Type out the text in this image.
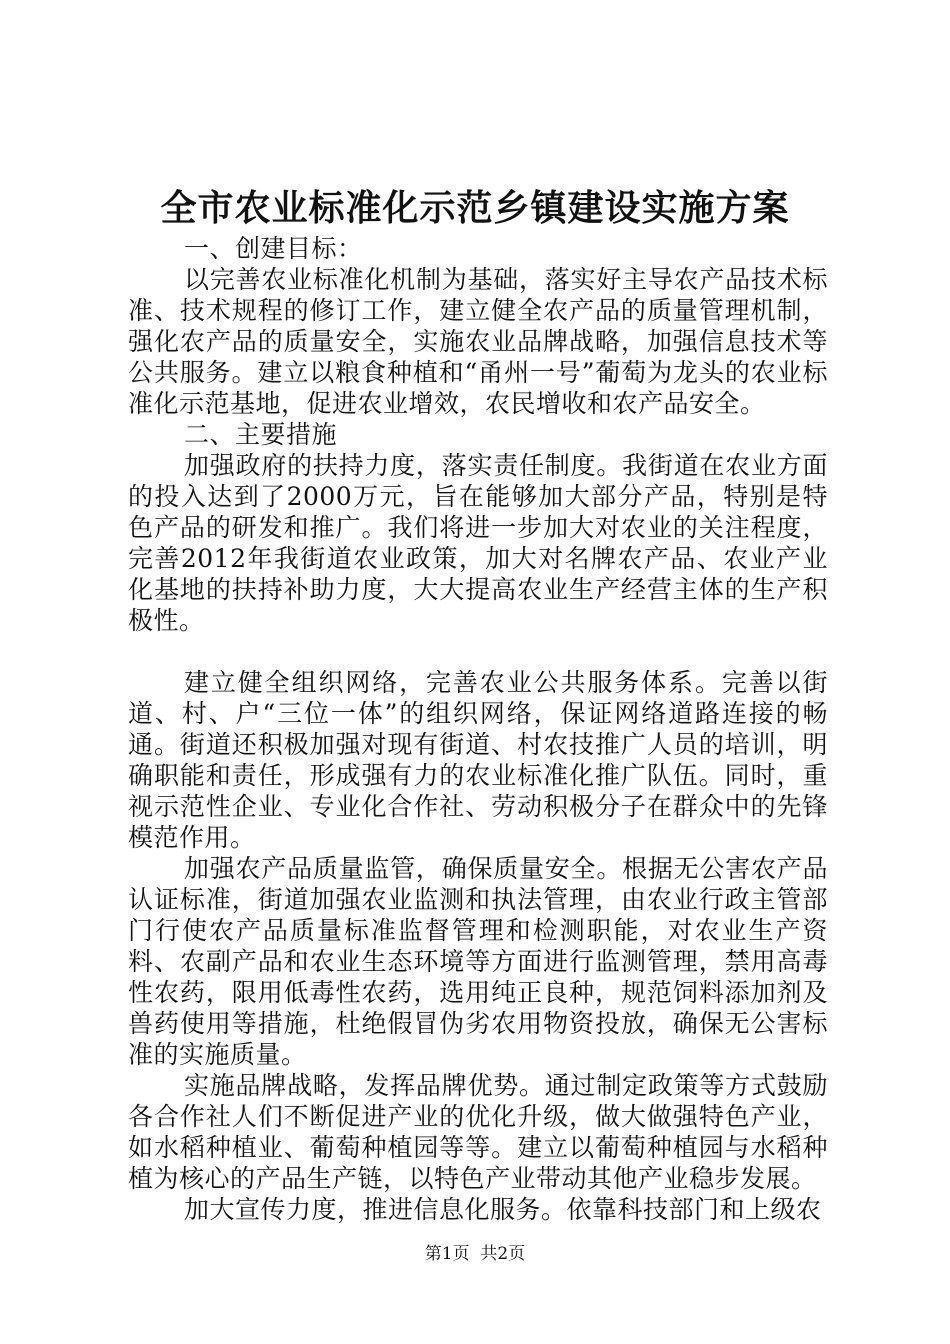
全市农业标准化示范乡镇建设实施方案

一、创建目标：

以完善农业标准化机制为基础，落实好主导农产品技术标准、技术规程的修订工作，建立健全农产品的质量管理机制，强化农产品的质量安全，实施农业品牌战略，加强信息技术等公共服务。建立以粮食种植和“甬州一号”葡萄为龙头的农业标准化示范基地，促进农业增效，农民增收和农产品安全。

二、主要措施

加强政府的扶持力度，落实责任制度。我街道在农业方面的投入达到了2000万元，旨在能够加大部分产品，特别是特色产品的研发和推广。我们将进一步加大对农业的关注程度，完善2012年我街道农业政策，加大对名牌农产品、农业产业化基地的扶持补助力度，大大提高农业生产经营主体的生产积极性。

建立健全组织网络，完善农业公共服务体系。完善以街道、村、户“三位一体”的组织网络，保证网络道路连接的畅通。街道还积极加强对现有街道、村农技推广人员的培训，明确职能和责任，形成强有力的农业标准化推广队伍。同时，重视示范性企业、专业化合作社、劳动积极分子在群众中的先锋模范作用。

加强农产品质量监管，确保质量安全。根据无公害农产品认证标准，街道加强农业监测和执法管理，由农业行政主管部门行使农产品质量标准监督管理和检测职能，对农业生产资料、农副产品和农业生态环境等方面进行监测管理，禁用高毒性农药，限用低毒性农药，选用纯正良种，规范饲料添加剂及兽药使用等措施，杜绝假冒伪劣农用物资投放，确保无公害标准的实施质量。

实施品牌战略，发挥品牌优势。通过制定政策等方式鼓励各合作社人们不断促进产业的优化升级，做大做强特色产业，如水稻种植业、葡萄种植园等等。建立以葡萄种植园与水稻种植为核心的产品生产链，以特色产业带动其他产业稳步发展。

加大宣传力度，推进信息化服务。依靠科技部门和上级农

第1页 共2页
